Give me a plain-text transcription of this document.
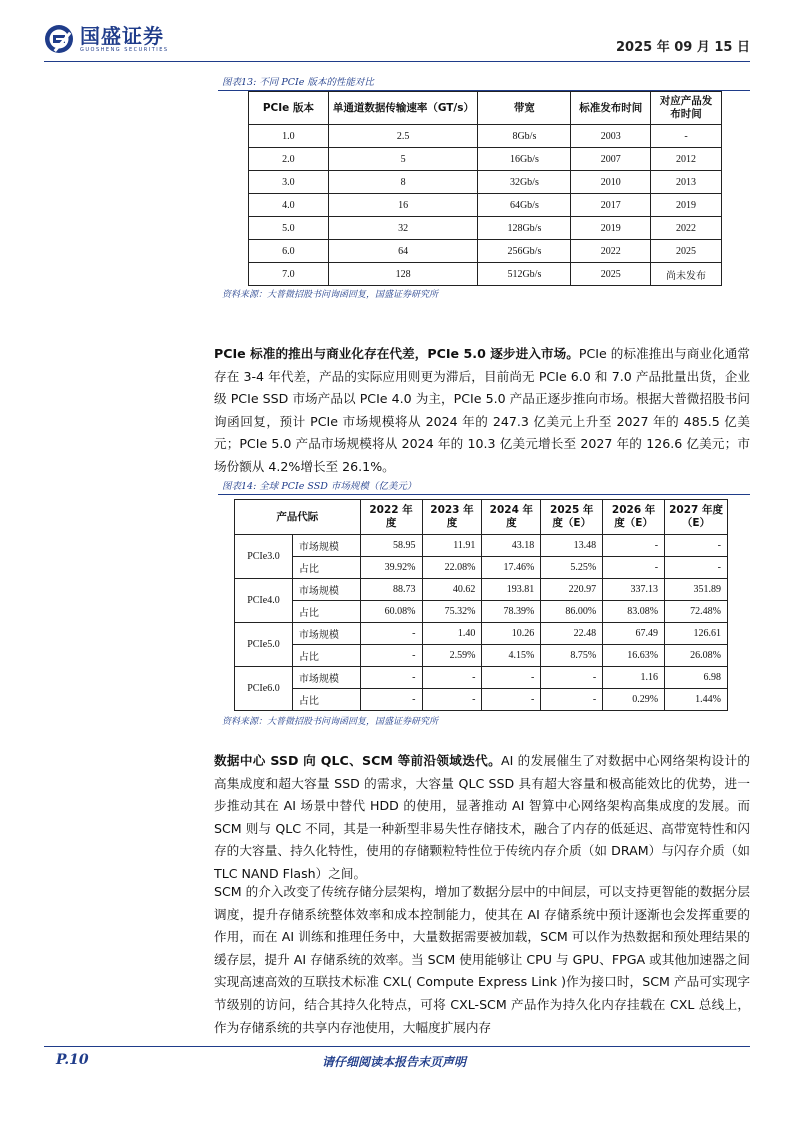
国盛证券
GUOSHENG SECURITIES	2025 年 09 月 15 日
图表13: 不同 PCIe 版本的性能对比
PCIe 版本	单通道数据传输速率（GT/s）	带宽	标准发布时间	对应产品发布时间
1.0	2.5	8Gb/s	2003	-
2.0	5	16Gb/s	2007	2012
3.0	8	32Gb/s	2010	2013
4.0	16	64Gb/s	2017	2019
5.0	32	128Gb/s	2019	2022
6.0	64	256Gb/s	2022	2025
7.0	128	512Gb/s	2025	尚未发布
资料来源：大普微招股书问询函回复，国盛证券研究所
PCIe 标准的推出与商业化存在代差，PCIe 5.0 逐步进入市场。PCIe 的标准推出与商业化通常存在 3-4 年代差，产品的实际应用则更为滞后，目前尚无 PCIe 6.0 和 7.0 产品批量出货，企业级 PCIe SSD 市场产品以 PCIe 4.0 为主，PCIe 5.0 产品正逐步推向市场。根据大普微招股书问询函回复，预计 PCIe 市场规模将从 2024 年的 247.3 亿美元上升至 2027 年的 485.5 亿美元；PCIe 5.0 产品市场规模将从 2024 年的 10.3 亿美元增长至 2027 年的 126.6 亿美元；市场份额从 4.2%增长至 26.1%。
图表14: 全球 PCIe SSD 市场规模（亿美元）
产品代际		2022 年度	2023 年度	2024 年度	2025 年度（E）	2026 年度（E）	2027 年度（E）
PCIe3.0	市场规模	58.95	11.91	43.18	13.48	-	-
	占比	39.92%	22.08%	17.46%	5.25%	-	-
PCIe4.0	市场规模	88.73	40.62	193.81	220.97	337.13	351.89
	占比	60.08%	75.32%	78.39%	86.00%	83.08%	72.48%
PCIe5.0	市场规模	-	1.40	10.26	22.48	67.49	126.61
	占比	-	2.59%	4.15%	8.75%	16.63%	26.08%
PCIe6.0	市场规模	-	-	-	-	1.16	6.98
	占比	-	-	-	-	0.29%	1.44%
资料来源：大普微招股书问询函回复，国盛证券研究所
数据中心 SSD 向 QLC、SCM 等前沿领域迭代。AI 的发展催生了对数据中心网络架构设计的高集成度和超大容量 SSD 的需求，大容量 QLC SSD 具有超大容量和极高能效比的优势，进一步推动其在 AI 场景中替代 HDD 的使用，显著推动 AI 智算中心网络架构高集成度的发展。而 SCM 则与 QLC 不同，其是一种新型非易失性存储技术，融合了内存的低延迟、高带宽特性和闪存的大容量、持久化特性，使用的存储颗粒特性位于传统内存介质（如 DRAM）与闪存介质（如 TLC NAND Flash）之间。
SCM 的介入改变了传统存储分层架构，增加了数据分层中的中间层，可以支持更智能的数据分层调度，提升存储系统整体效率和成本控制能力，使其在 AI 存储系统中预计逐渐也会发挥重要的作用，而在 AI 训练和推理任务中，大量数据需要被加载，SCM 可以作为热数据和预处理结果的缓存层，提升 AI 存储系统的效率。当 SCM 使用能够让 CPU 与 GPU、FPGA 或其他加速器之间实现高速高效的互联技术标准 CXL( Compute Express Link )作为接口时，SCM 产品可实现字节级别的访问，结合其持久化特点，可将 CXL-SCM 产品作为持久化内存挂载在 CXL 总线上，作为存储系统的共享内存池使用，大幅度扩展内存
P.10	请仔细阅读本报告末页声明
